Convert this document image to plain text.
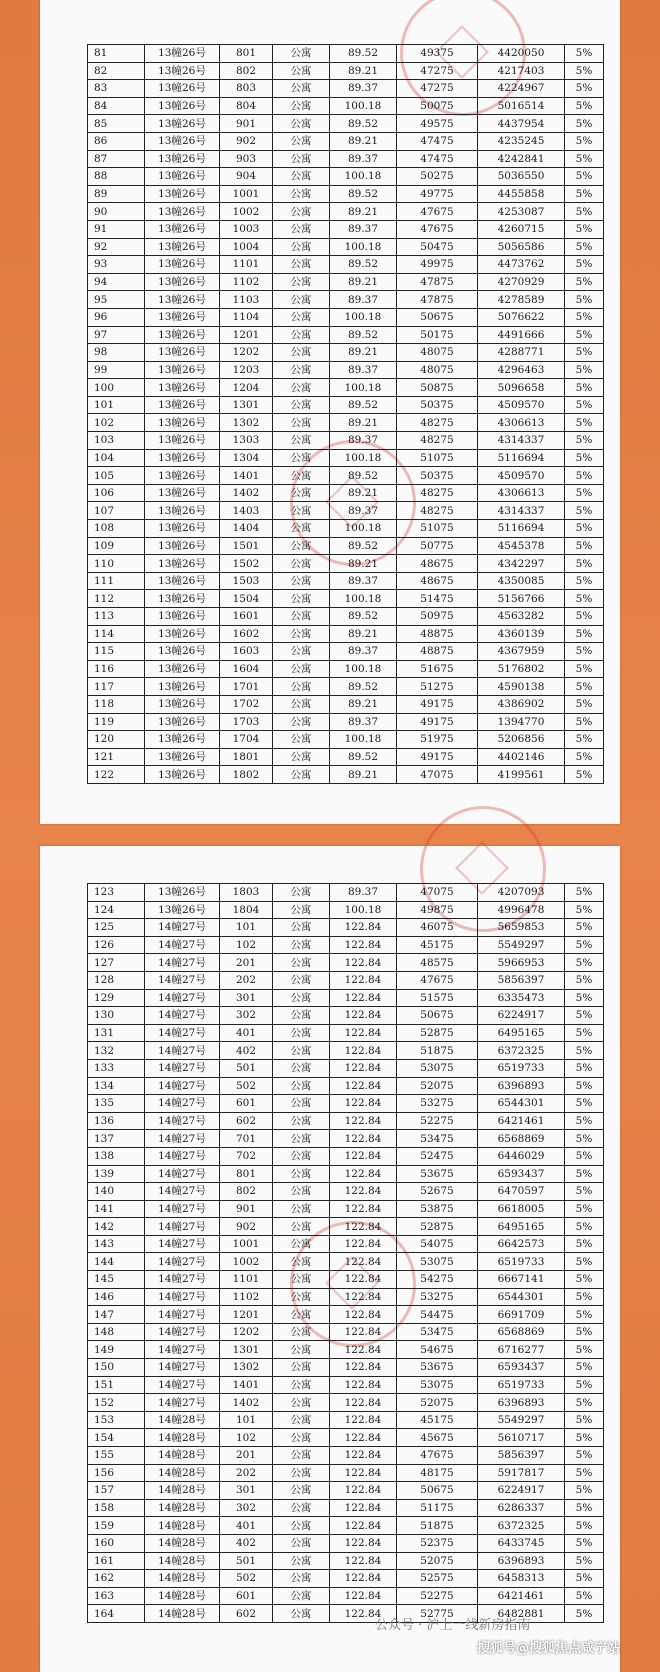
81	13幢26号	801	公寓	89.52	49375	4420050	5%
82	13幢26号	802	公寓	89.21	47275	4217403	5%
83	13幢26号	803	公寓	89.37	47275	4224967	5%
84	13幢26号	804	公寓	100.18	50075	5016514	5%
85	13幢26号	901	公寓	89.52	49575	4437954	5%
86	13幢26号	902	公寓	89.21	47475	4235245	5%
87	13幢26号	903	公寓	89.37	47475	4242841	5%
88	13幢26号	904	公寓	100.18	50275	5036550	5%
89	13幢26号	1001	公寓	89.52	49775	4455858	5%
90	13幢26号	1002	公寓	89.21	47675	4253087	5%
91	13幢26号	1003	公寓	89.37	47675	4260715	5%
92	13幢26号	1004	公寓	100.18	50475	5056586	5%
93	13幢26号	1101	公寓	89.52	49975	4473762	5%
94	13幢26号	1102	公寓	89.21	47875	4270929	5%
95	13幢26号	1103	公寓	89.37	47875	4278589	5%
96	13幢26号	1104	公寓	100.18	50675	5076622	5%
97	13幢26号	1201	公寓	89.52	50175	4491666	5%
98	13幢26号	1202	公寓	89.21	48075	4288771	5%
99	13幢26号	1203	公寓	89.37	48075	4296463	5%
100	13幢26号	1204	公寓	100.18	50875	5096658	5%
101	13幢26号	1301	公寓	89.52	50375	4509570	5%
102	13幢26号	1302	公寓	89.21	48275	4306613	5%
103	13幢26号	1303	公寓	89.37	48275	4314337	5%
104	13幢26号	1304	公寓	100.18	51075	5116694	5%
105	13幢26号	1401	公寓	89.52	50375	4509570	5%
106	13幢26号	1402	公寓	89.21	48275	4306613	5%
107	13幢26号	1403	公寓	89.37	48275	4314337	5%
108	13幢26号	1404	公寓	100.18	51075	5116694	5%
109	13幢26号	1501	公寓	89.52	50775	4545378	5%
110	13幢26号	1502	公寓	89.21	48675	4342297	5%
111	13幢26号	1503	公寓	89.37	48675	4350085	5%
112	13幢26号	1504	公寓	100.18	51475	5156766	5%
113	13幢26号	1601	公寓	89.52	50975	4563282	5%
114	13幢26号	1602	公寓	89.21	48875	4360139	5%
115	13幢26号	1603	公寓	89.37	48875	4367959	5%
116	13幢26号	1604	公寓	100.18	51675	5176802	5%
117	13幢26号	1701	公寓	89.52	51275	4590138	5%
118	13幢26号	1702	公寓	89.21	49175	4386902	5%
119	13幢26号	1703	公寓	89.37	49175	1394770	5%
120	13幢26号	1704	公寓	100.18	51975	5206856	5%
121	13幢26号	1801	公寓	89.52	49175	4402146	5%
122	13幢26号	1802	公寓	89.21	47075	4199561	5%
123	13幢26号	1803	公寓	89.37	47075	4207093	5%
124	13幢26号	1804	公寓	100.18	49875	4996478	5%
125	14幢27号	101	公寓	122.84	46075	5659853	5%
126	14幢27号	102	公寓	122.84	45175	5549297	5%
127	14幢27号	201	公寓	122.84	48575	5966953	5%
128	14幢27号	202	公寓	122.84	47675	5856397	5%
129	14幢27号	301	公寓	122.84	51575	6335473	5%
130	14幢27号	302	公寓	122.84	50675	6224917	5%
131	14幢27号	401	公寓	122.84	52875	6495165	5%
132	14幢27号	402	公寓	122.84	51875	6372325	5%
133	14幢27号	501	公寓	122.84	53075	6519733	5%
134	14幢27号	502	公寓	122.84	52075	6396893	5%
135	14幢27号	601	公寓	122.84	53275	6544301	5%
136	14幢27号	602	公寓	122.84	52275	6421461	5%
137	14幢27号	701	公寓	122.84	53475	6568869	5%
138	14幢27号	702	公寓	122.84	52475	6446029	5%
139	14幢27号	801	公寓	122.84	53675	6593437	5%
140	14幢27号	802	公寓	122.84	52675	6470597	5%
141	14幢27号	901	公寓	122.84	53875	6618005	5%
142	14幢27号	902	公寓	122.84	52875	6495165	5%
143	14幢27号	1001	公寓	122.84	54075	6642573	5%
144	14幢27号	1002	公寓	122.84	53075	6519733	5%
145	14幢27号	1101	公寓	122.84	54275	6667141	5%
146	14幢27号	1102	公寓	122.84	53275	6544301	5%
147	14幢27号	1201	公寓	122.84	54475	6691709	5%
148	14幢27号	1202	公寓	122.84	53475	6568869	5%
149	14幢27号	1301	公寓	122.84	54675	6716277	5%
150	14幢27号	1302	公寓	122.84	53675	6593437	5%
151	14幢27号	1401	公寓	122.84	53075	6519733	5%
152	14幢27号	1402	公寓	122.84	52075	6396893	5%
153	14幢28号	101	公寓	122.84	45175	5549297	5%
154	14幢28号	102	公寓	122.84	45675	5610717	5%
155	14幢28号	201	公寓	122.84	47675	5856397	5%
156	14幢28号	202	公寓	122.84	48175	5917817	5%
157	14幢28号	301	公寓	122.84	50675	6224917	5%
158	14幢28号	302	公寓	122.84	51175	6286337	5%
159	14幢28号	401	公寓	122.84	51875	6372325	5%
160	14幢28号	402	公寓	122.84	52375	6433745	5%
161	14幢28号	501	公寓	122.84	52075	6396893	5%
162	14幢28号	502	公寓	122.84	52575	6458313	5%
163	14幢28号	601	公寓	122.84	52275	6421461	5%
164	14幢28号	602	公寓	122.84	52775	6482881	5%
公众号 · 沪上一线新房指南
搜狐号@搜狐焦点咸宁站
